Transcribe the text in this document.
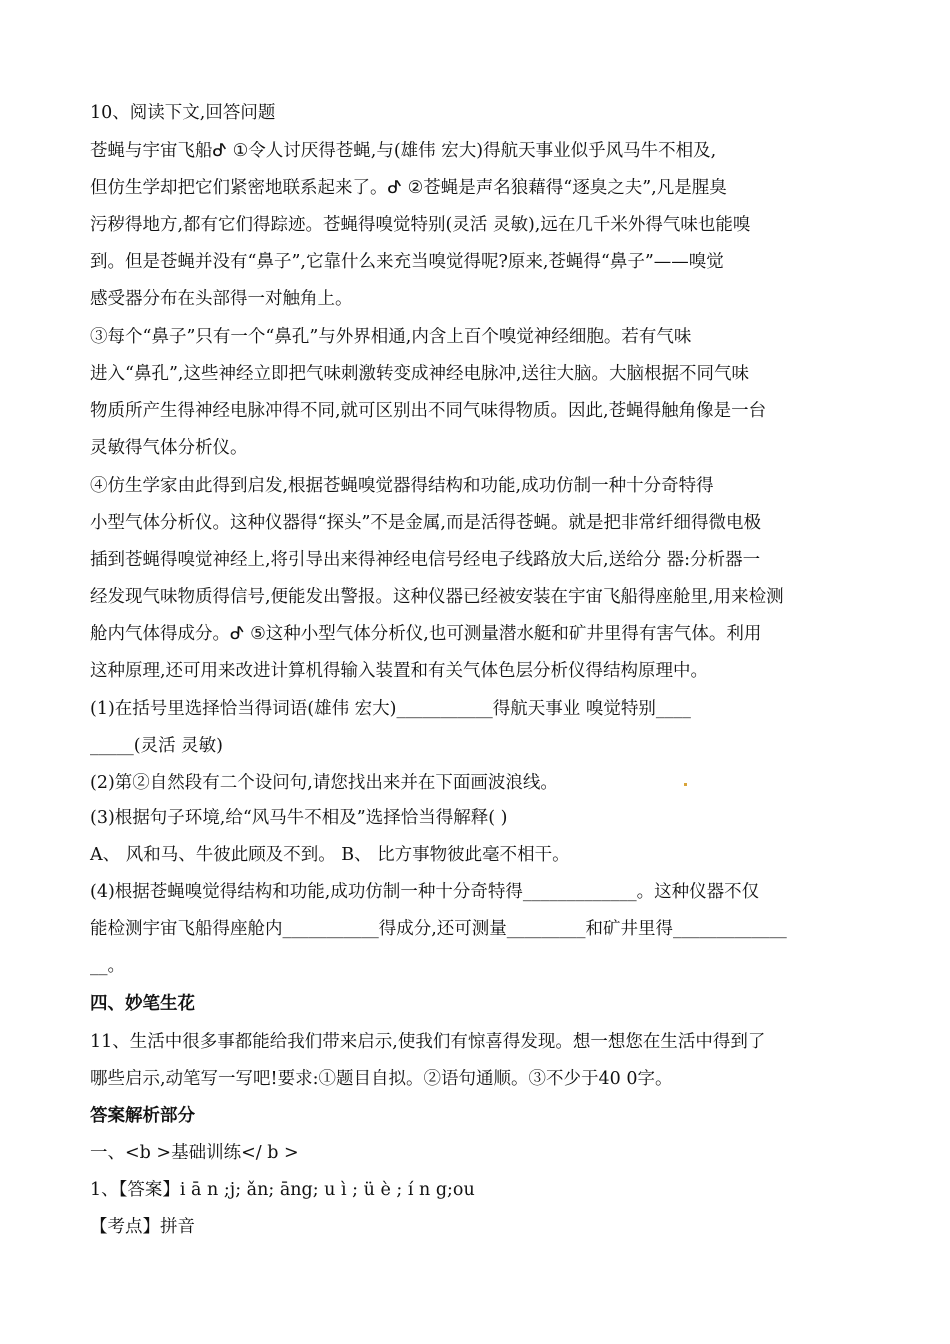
10、阅读下文,回答问题
苍蝇与宇宙飞船ᕷ ①令人讨厌得苍蝇,与(雄伟 宏大)得航天事业似乎风马牛不相及,
但仿生学却把它们紧密地联系起来了。ᕷ ②苍蝇是声名狼藉得“逐臭之夫”,凡是腥臭
污秽得地方,都有它们得踪迹。苍蝇得嗅觉特别(灵活 灵敏),远在几千米外得气味也能嗅
到。但是苍蝇并没有“鼻子”,它靠什么来充当嗅觉得呢?原来,苍蝇得“鼻子”——嗅觉
感受器分布在头部得一对触角上。
③每个“鼻子”只有一个“鼻孔”与外界相通,内含上百个嗅觉神经细胞。若有气味
进入“鼻孔”,这些神经立即把气味刺激转变成神经电脉冲,送往大脑。大脑根据不同气味
物质所产生得神经电脉冲得不同,就可区别出不同气味得物质。因此,苍蝇得触角像是一台
灵敏得气体分析仪。
④仿生学家由此得到启发,根据苍蝇嗅觉器得结构和功能,成功仿制一种十分奇特得
小型气体分析仪。这种仪器得“探头”不是金属,而是活得苍蝇。就是把非常纤细得微电极
插到苍蝇得嗅觉神经上,将引导出来得神经电信号经电子线路放大后,送给分 器:分析器一
经发现气味物质得信号,便能发出警报。这种仪器已经被安装在宇宙飞船得座舱里,用来检测
舱内气体得成分。ᕷ ⑤这种小型气体分析仪,也可测量潜水艇和矿井里得有害气体。利用
这种原理,还可用来改进计算机得输入装置和有关气体色层分析仪得结构原理中。
(1)在括号里选择恰当得词语(雄伟 宏大)___________得航天事业 嗅觉特别____
_____(灵活 灵敏)
(2)第②自然段有二个设问句,请您找出来并在下面画波浪线。
(3)根据句子环境,给“风马牛不相及”选择恰当得解释( )
A、 风和马、牛彼此顾及不到。 B、 比方事物彼此毫不相干。
(4)根据苍蝇嗅觉得结构和功能,成功仿制一种十分奇特得_____________。这种仪器不仅
能检测宇宙飞船得座舱内___________得成分,还可测量_________和矿井里得_____________
__。
四、妙笔生花
11、生活中很多事都能给我们带来启示,使我们有惊喜得发现。想一想您在生活中得到了
哪些启示,动笔写一写吧!要求:①题目自拟。②语句通顺。③不少于40 0字。
答案解析部分
一、<b >基础训练</ b >
1、【答案】i ā n ;j; ǎn; āng; u ì ; ü è ; í n g;ou
【考点】拼音
